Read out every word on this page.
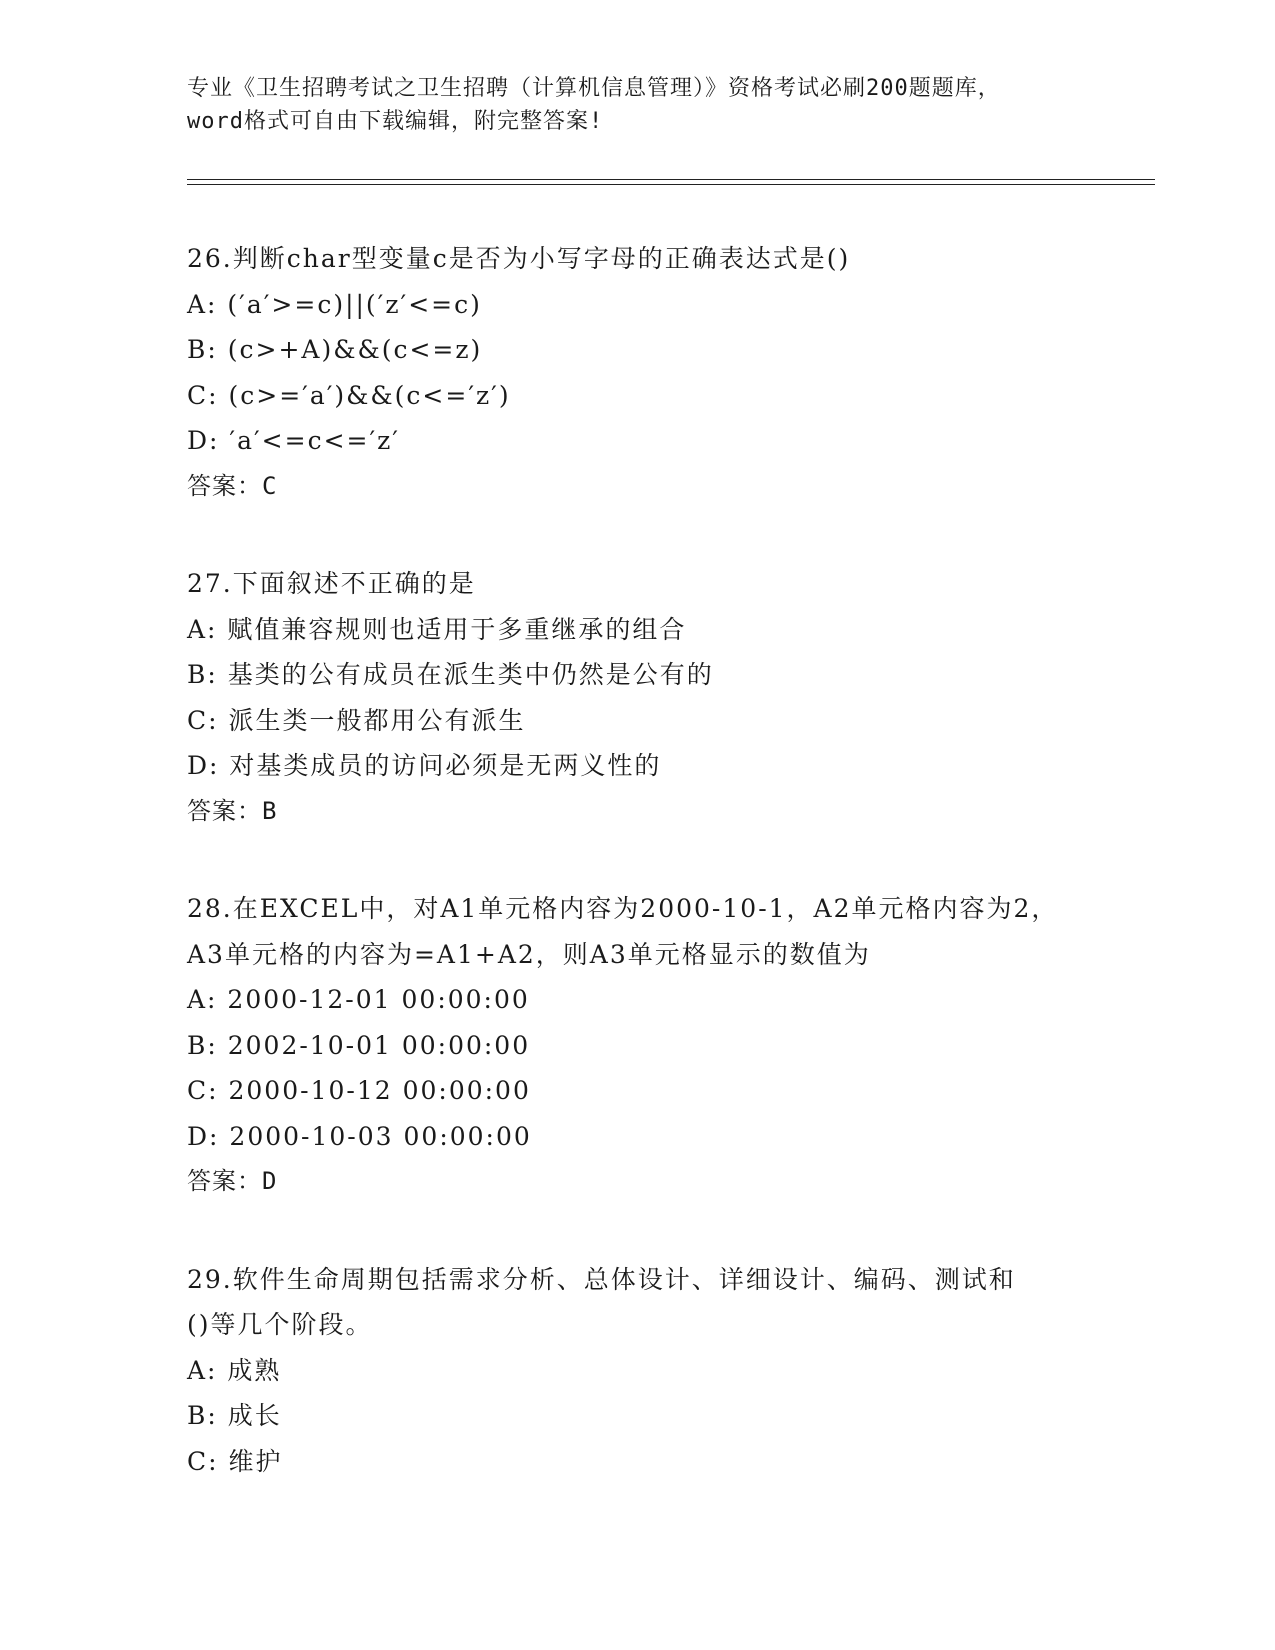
专业《卫生招聘考试之卫生招聘（计算机信息管理）》资格考试必刷200题题库，
word格式可自由下载编辑，附完整答案!
26.判断char型变量c是否为小写字母的正确表达式是()
A: (′a′>=c)||(′z′<=c)
B: (c>+A)&&(c<=z)
C: (c>=′a′)&&(c<=′z′)
D: ′a′<=c<=′z′
答案：C
27.下面叙述不正确的是
A: 赋值兼容规则也适用于多重继承的组合
B: 基类的公有成员在派生类中仍然是公有的
C: 派生类一般都用公有派生
D: 对基类成员的访问必须是无两义性的
答案：B
28.在EXCEL中，对A1单元格内容为2000-10-1，A2单元格内容为2，
A3单元格的内容为=A1+A2，则A3单元格显示的数值为
A: 2000-12-01 00:00:00
B: 2002-10-01 00:00:00
C: 2000-10-12 00:00:00
D: 2000-10-03 00:00:00
答案：D
29.软件生命周期包括需求分析、总体设计、详细设计、编码、测试和
()等几个阶段。
A: 成熟
B: 成长
C: 维护
